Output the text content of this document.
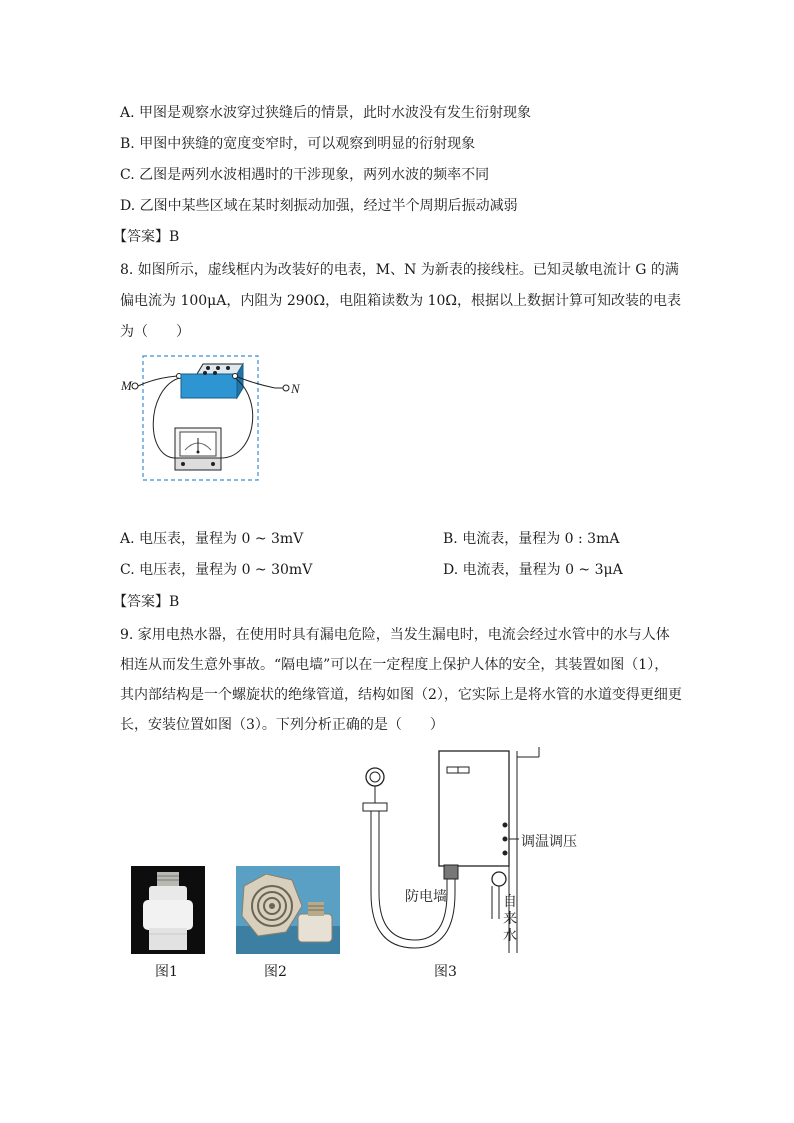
A. 甲图是观察水波穿过狭缝后的情景，此时水波没有发生衍射现象
B. 甲图中狭缝的宽度变窄时，可以观察到明显的衍射现象
C. 乙图是两列水波相遇时的干涉现象，两列水波的频率不同
D. 乙图中某些区域在某时刻振动加强，经过半个周期后振动减弱
【答案】B
8. 如图所示，虚线框内为改装好的电表，M、N 为新表的接线柱。已知灵敏电流计 G 的满
偏电流为 100μA，内阻为 290Ω，电阻箱读数为 10Ω，根据以上数据计算可知改装的电表
为（　　）
M	N
A. 电压表，量程为 0 ~ 3mV	B. 电流表，量程为 0 : 3mA
C. 电压表，量程为 0 ~ 30mV	D. 电流表，量程为 0 ~ 3μA
【答案】B
9. 家用电热水器，在使用时具有漏电危险，当发生漏电时，电流会经过水管中的水与人体
相连从而发生意外事故。“隔电墙”可以在一定程度上保护人体的安全，其装置如图（1），
其内部结构是一个螺旋状的绝缘管道，结构如图（2），它实际上是将水管的水道变得更细更
长，安装位置如图（3）。下列分析正确的是（　　）
图1	图2
调温调压
防电墙	自
来
水
图3
